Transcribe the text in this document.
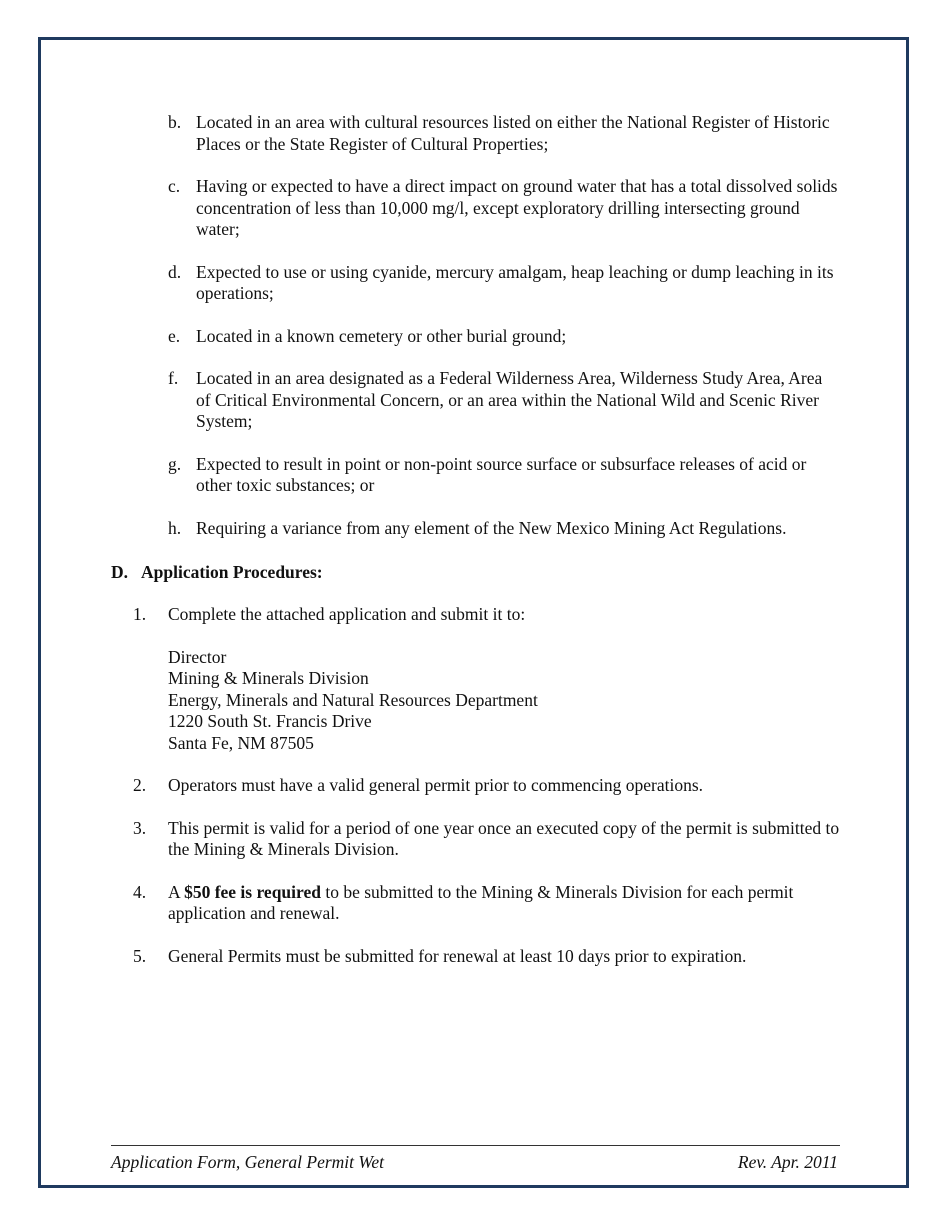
b. Located in an area with cultural resources listed on either the National Register of Historic Places or the State Register of Cultural Properties;
c. Having or expected to have a direct impact on ground water that has a total dissolved solids concentration of less than 10,000 mg/l, except exploratory drilling intersecting ground water;
d. Expected to use or using cyanide, mercury amalgam, heap leaching or dump leaching in its operations;
e. Located in a known cemetery or other burial ground;
f.	Located in an area designated as a Federal Wilderness Area, Wilderness Study Area, Area of Critical Environmental Concern, or an area within the National Wild and Scenic River System;
g. Expected to result in point or non-point source surface or subsurface releases of acid or other toxic substances; or
h. Requiring a variance from any element of the New Mexico Mining Act Regulations.
D. Application Procedures:
1.	Complete the attached application and submit it to:
Director
Mining & Minerals Division
Energy, Minerals and Natural Resources Department
1220 South St. Francis Drive
Santa Fe, NM 87505
2.	Operators must have a valid general permit prior to commencing operations.
3.	This permit is valid for a period of one year once an executed copy of the permit is submitted to the Mining & Minerals Division.
4.	A $50 fee is required to be submitted to the Mining & Minerals Division for each permit application and renewal.
5.	General Permits must be submitted for renewal at least 10 days prior to expiration.
Application Form, General Permit Wet	Rev. Apr. 2011
